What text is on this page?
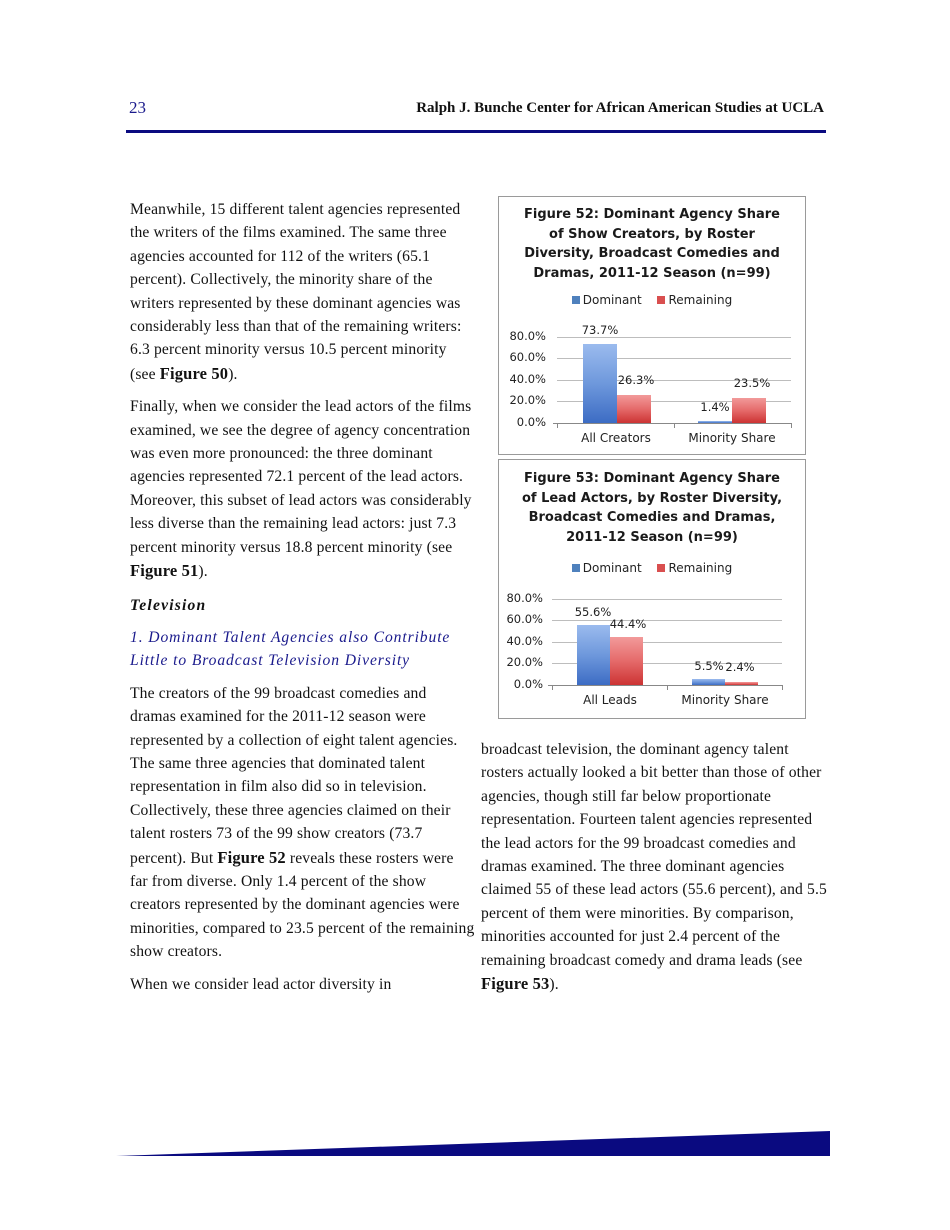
23	Ralph J. Bunche Center for African American Studies at UCLA

Meanwhile, 15 different talent agencies represented the writers of the films examined. The same three agencies accounted for 112 of the writers (65.1 percent). Collectively, the minority share of the writers represented by these dominant agencies was considerably less than that of the remaining writers: 6.3 percent minority versus 10.5 percent minority (see Figure 50).

Finally, when we consider the lead actors of the films examined, we see the degree of agency concentration was even more pronounced: the three dominant agencies represented 72.1 percent of the lead actors. Moreover, this subset of lead actors was considerably less diverse than the remaining lead actors: just 7.3 percent minority versus 18.8 percent minority (see Figure 51).

Television
1. Dominant Talent Agencies also Contribute Little to Broadcast Television Diversity

The creators of the 99 broadcast comedies and dramas examined for the 2011-12 season were represented by a collection of eight talent agencies. The same three agencies that dominated talent representation in film also did so in television. Collectively, these three agencies claimed on their talent rosters 73 of the 99 show creators (73.7 percent). But Figure 52 reveals these rosters were far from diverse. Only 1.4 percent of the show creators represented by the dominant agencies were minorities, compared to 23.5 percent of the remaining show creators.

When we consider lead actor diversity in

broadcast television, the dominant agency talent rosters actually looked a bit better than those of other agencies, though still far below proportionate representation. Fourteen talent agencies represented the lead actors for the 99 broadcast comedies and dramas examined. The three dominant agencies claimed 55 of these lead actors (55.6 percent), and 5.5 percent of them were minorities. By comparison, minorities accounted for just 2.4 percent of the remaining broadcast comedy and drama leads (see Figure 53).

Figure 52: Dominant Agency Share
of Show Creators, by Roster
Diversity, Broadcast Comedies and
Dramas, 2011-12 Season (n=99)
Dominant Remaining
80.0%
60.0%
40.0%
20.0%
0.0%
73.7%
26.3%
1.4%
23.5%
All Creators	Minority Share
Figure 53: Dominant Agency Share
of Lead Actors, by Roster Diversity,
Broadcast Comedies and Dramas,
2011-12 Season (n=99)
Dominant Remaining
80.0%
60.0%
40.0%
20.0%
0.0%
55.6%
44.4%
5.5% 2.4%
All Leads	Minority Share
